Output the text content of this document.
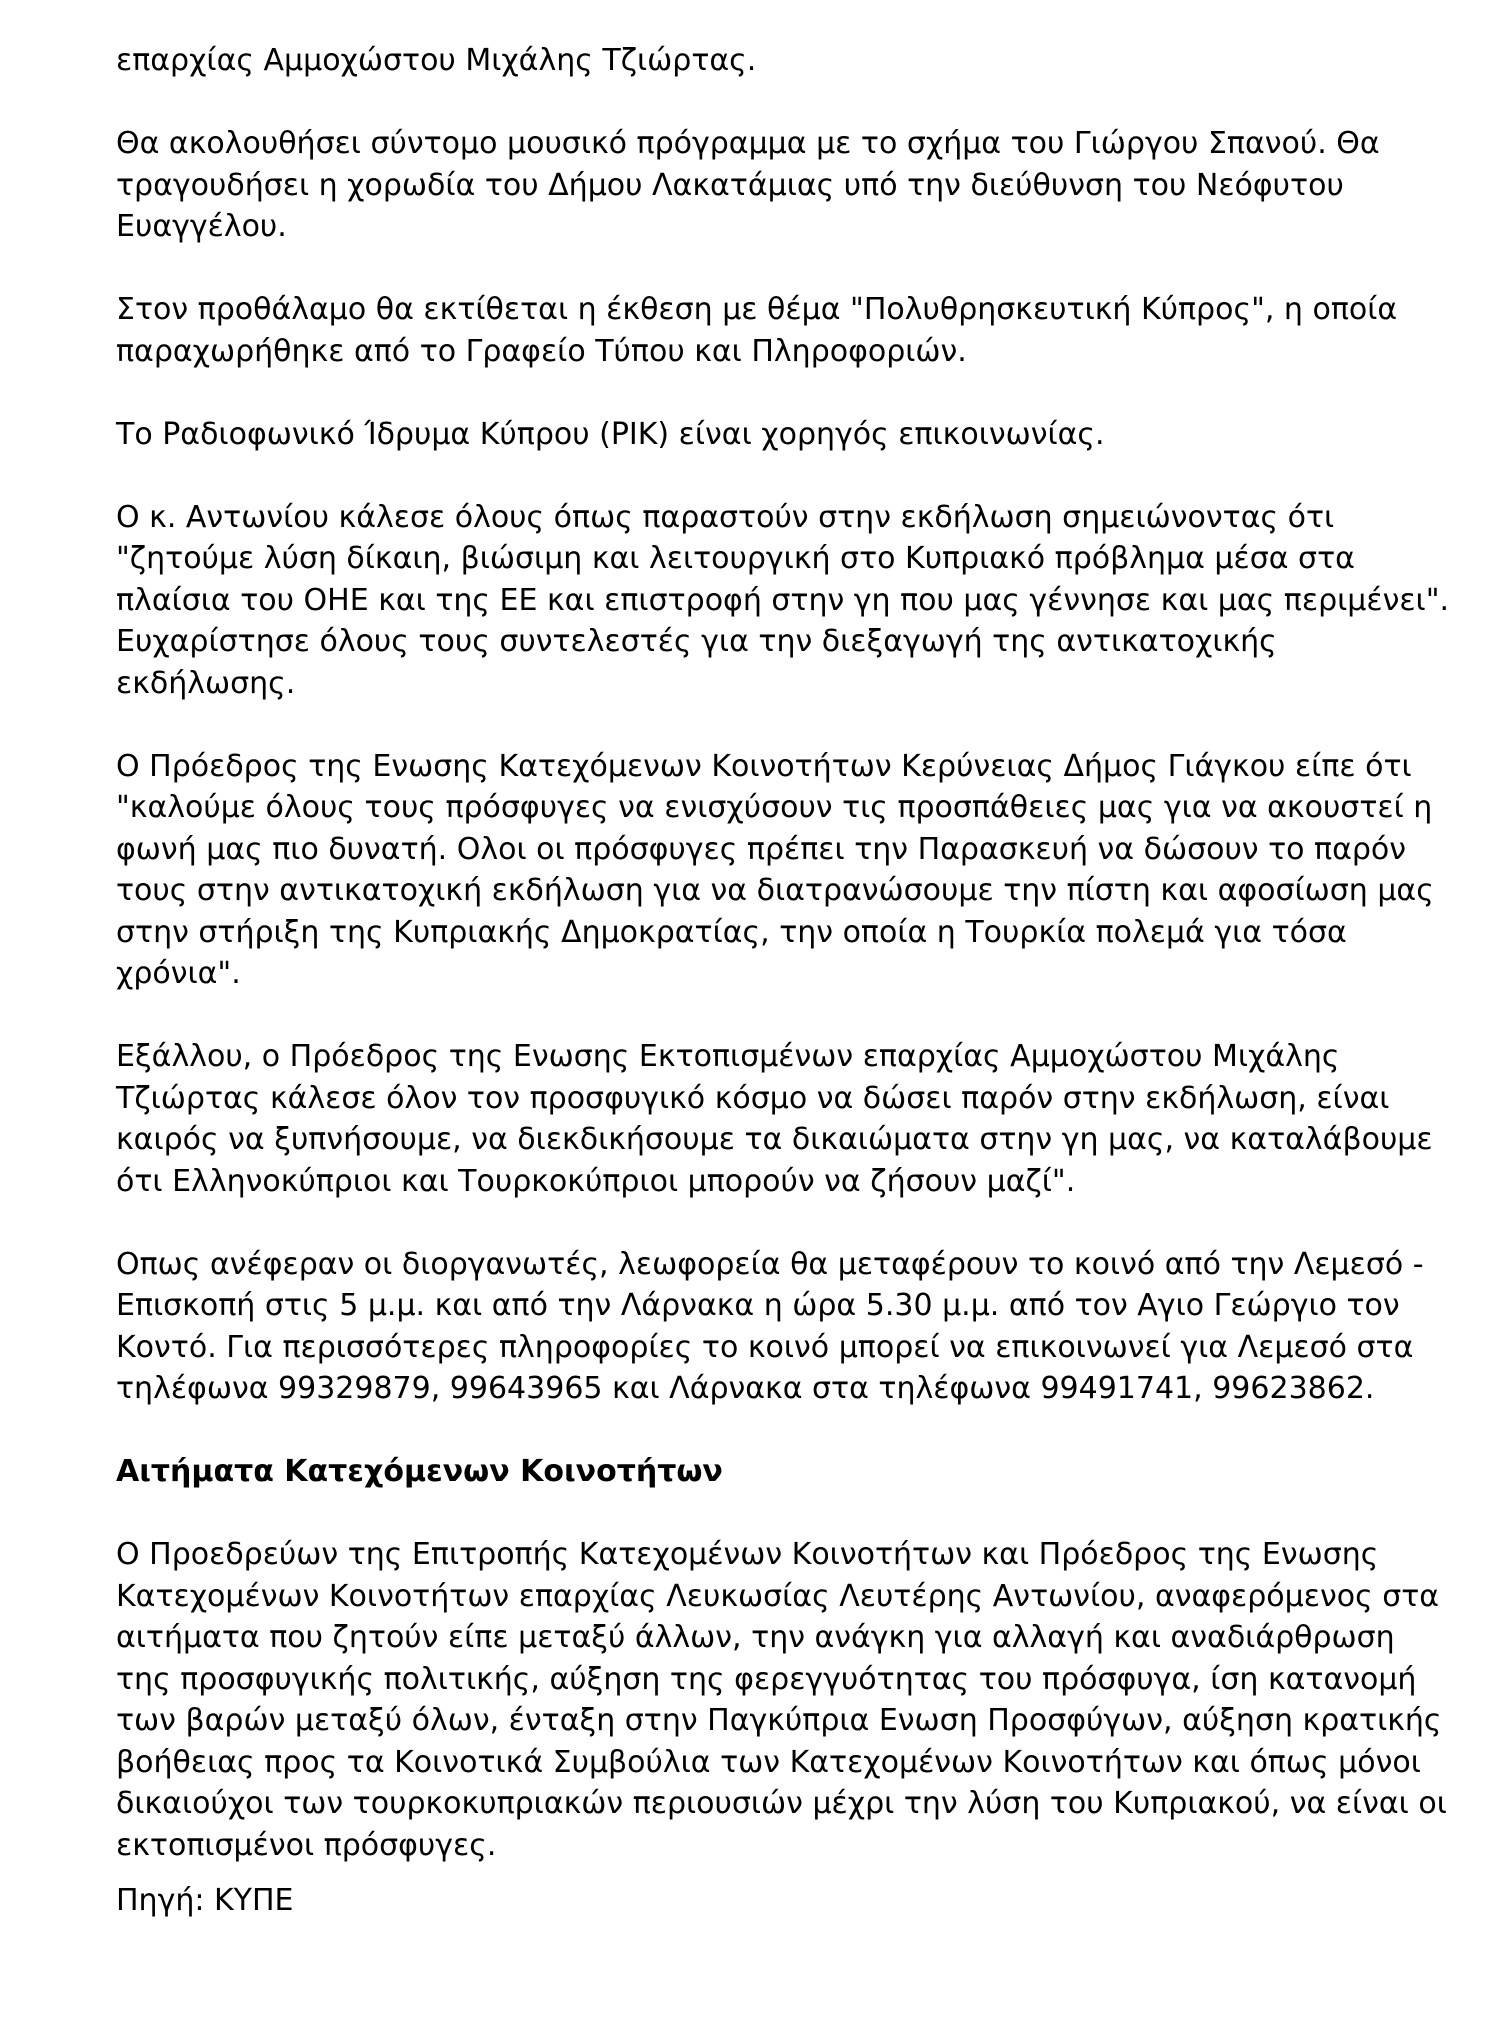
επαρχίας Αμμοχώστου Μιχάλης Τζιώρτας.

Θα ακολουθήσει σύντομο μουσικό πρόγραμμα με το σχήμα του Γιώργου Σπανού. Θα τραγουδήσει η χορωδία του Δήμου Λακατάμιας υπό την διεύθυνση του Νεόφυτου Ευαγγέλου.

Στον προθάλαμο θα εκτίθεται η έκθεση με θέμα "Πολυθρησκευτική Κύπρος", η οποία παραχωρήθηκε από το Γραφείο Τύπου και Πληροφοριών.

Το Ραδιοφωνικό Ίδρυμα Κύπρου (ΡΙΚ) είναι χορηγός επικοινωνίας.

Ο κ. Αντωνίου κάλεσε όλους όπως παραστούν στην εκδήλωση σημειώνοντας ότι "ζητούμε λύση δίκαιη, βιώσιμη και λειτουργική στο Κυπριακό πρόβλημα μέσα στα πλαίσια του ΟΗΕ και της ΕΕ και επιστροφή στην γη που μας γέννησε και μας περιμένει". Ευχαρίστησε όλους τους συντελεστές για την διεξαγωγή της αντικατοχικής εκδήλωσης.

Ο Πρόεδρος της Ενωσης Κατεχόμενων Κοινοτήτων Κερύνειας Δήμος Γιάγκου είπε ότι "καλούμε όλους τους πρόσφυγες να ενισχύσουν τις προσπάθειες μας για να ακουστεί η φωνή μας πιο δυνατή. Ολοι οι πρόσφυγες πρέπει την Παρασκευή να δώσουν το παρόν τους στην αντικατοχική εκδήλωση για να διατρανώσουμε την πίστη και αφοσίωση μας στην στήριξη της Κυπριακής Δημοκρατίας, την οποία η Τουρκία πολεμά για τόσα χρόνια".

Εξάλλου, ο Πρόεδρος της Ενωσης Εκτοπισμένων επαρχίας Αμμοχώστου Μιχάλης Τζιώρτας κάλεσε όλον τον προσφυγικό κόσμο να δώσει παρόν στην εκδήλωση, είναι καιρός να ξυπνήσουμε, να διεκδικήσουμε τα δικαιώματα στην γη μας, να καταλάβουμε ότι Ελληνοκύπριοι και Τουρκοκύπριοι μπορούν να ζήσουν μαζί".

Οπως ανέφεραν οι διοργανωτές, λεωφορεία θα μεταφέρουν το κοινό από την Λεμεσό - Επισκοπή στις 5 μ.μ. και από την Λάρνακα η ώρα 5.30 μ.μ. από τον Αγιο Γεώργιο τον Κοντό. Για περισσότερες πληροφορίες το κοινό μπορεί να επικοινωνεί για Λεμεσό στα τηλέφωνα 99329879, 99643965 και Λάρνακα στα τηλέφωνα 99491741, 99623862.

Αιτήματα Κατεχόμενων Κοινοτήτων

Ο Προεδρεύων της Επιτροπής Κατεχομένων Κοινοτήτων και Πρόεδρος της Ενωσης Κατεχομένων Κοινοτήτων επαρχίας Λευκωσίας Λευτέρης Αντωνίου, αναφερόμενος στα αιτήματα που ζητούν είπε μεταξύ άλλων, την ανάγκη για αλλαγή και αναδιάρθρωση της προσφυγικής πολιτικής, αύξηση της φερεγγυότητας του πρόσφυγα, ίση κατανομή των βαρών μεταξύ όλων, ένταξη στην Παγκύπρια Ενωση Προσφύγων, αύξηση κρατικής βοήθειας προς τα Κοινοτικά Συμβούλια των Κατεχομένων Κοινοτήτων και όπως μόνοι δικαιούχοι των τουρκοκυπριακών περιουσιών μέχρι την λύση του Κυπριακού, να είναι οι εκτοπισμένοι πρόσφυγες.

Πηγή: ΚΥΠΕ
